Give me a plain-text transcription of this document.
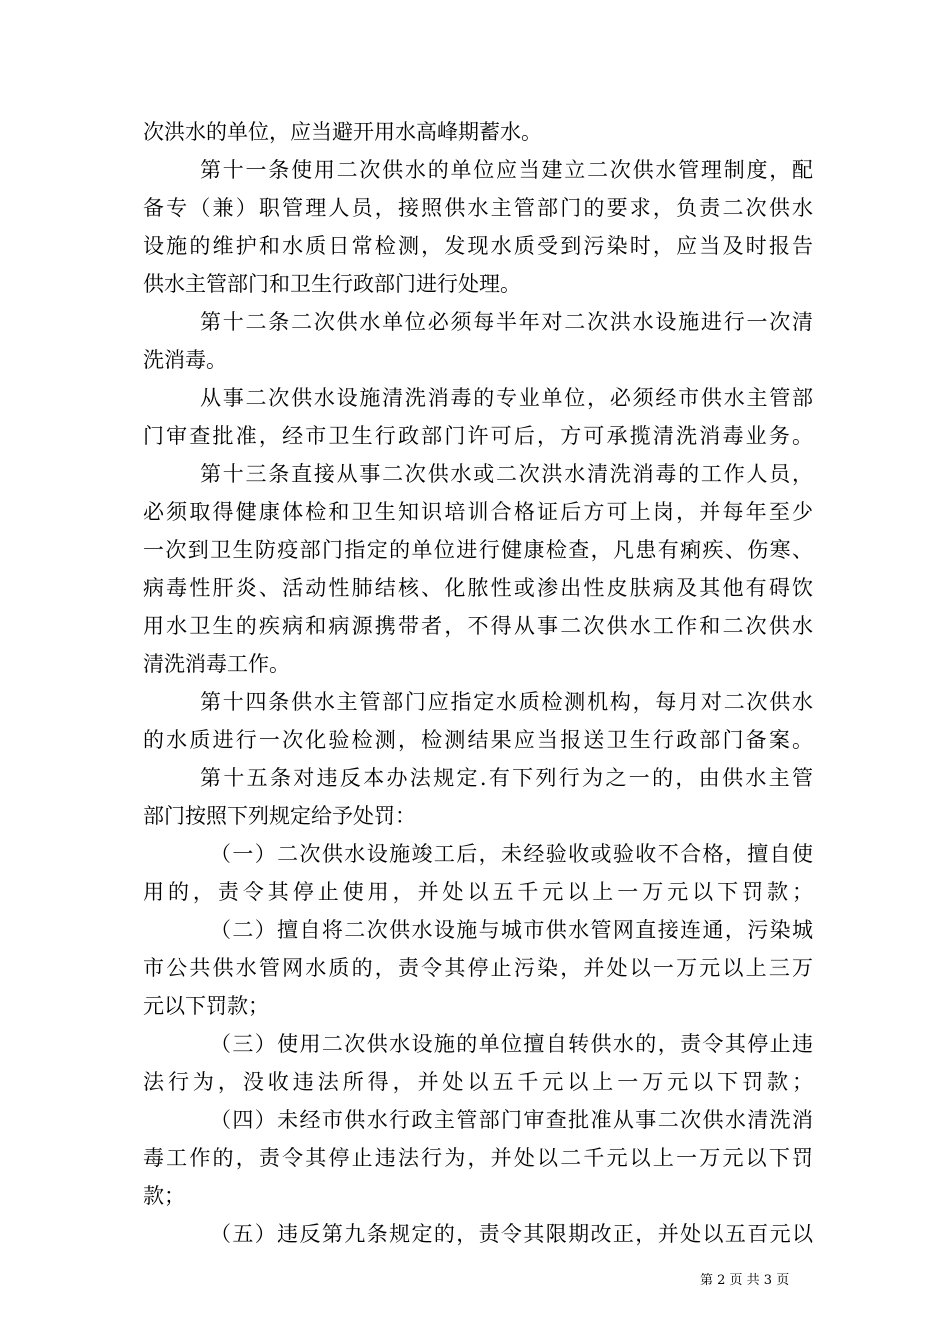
次洪水的单位，应当避开用水高峰期蓄水。
第十一条使用二次供水的单位应当建立二次供水管理制度，配
备专（兼）职管理人员，接照供水主管部门的要求，负责二次供水
设施的维护和水质日常检测，发现水质受到污染时，应当及时报告
供水主管部门和卫生行政部门进行处理。
第十二条二次供水单位必须每半年对二次洪水设施进行一次清
洗消毒。
从事二次供水设施清洗消毒的专业单位，必须经市供水主管部
门审查批准，经市卫生行政部门许可后，方可承揽清洗消毒业务。
第十三条直接从事二次供水或二次洪水清洗消毒的工作人员，
必须取得健康体检和卫生知识培训合格证后方可上岗，并每年至少
一次到卫生防疫部门指定的单位进行健康检查，凡患有痢疾、伤寒、
病毒性肝炎、活动性肺结核、化脓性或渗出性皮肤病及其他有碍饮
用水卫生的疾病和病源携带者，不得从事二次供水工作和二次供水
清洗消毒工作。
第十四条供水主管部门应指定水质检测机构，每月对二次供水
的水质进行一次化验检测，检测结果应当报送卫生行政部门备案。
第十五条对违反本办法规定.有下列行为之一的，由供水主管
部门按照下列规定给予处罚：
（一）二次供水设施竣工后，未经验收或验收不合格，擅自使
用的，责令其停止使用，并处以五千元以上一万元以下罚款；
（二）擅自将二次供水设施与城市供水管网直接连通，污染城
市公共供水管网水质的，责令其停止污染，并处以一万元以上三万
元以下罚款；
（三）使用二次供水设施的单位擅自转供水的，责令其停止违
法行为，没收违法所得，并处以五千元以上一万元以下罚款；
（四）未经市供水行政主管部门审查批准从事二次供水清洗消
毒工作的，责令其停止违法行为，并处以二千元以上一万元以下罚
款；
（五）违反第九条规定的，责令其限期改正，并处以五百元以
第 2 页 共 3 页
